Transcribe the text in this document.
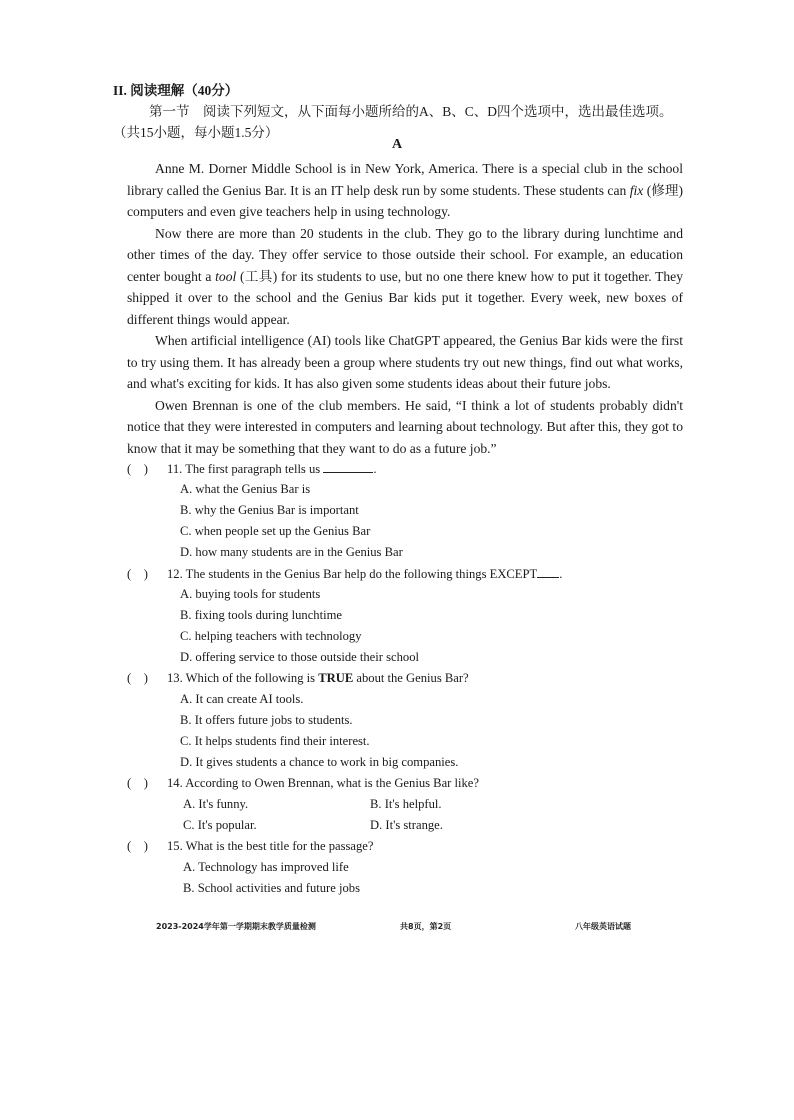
II. 阅读理解（40分）
第一节　阅读下列短文，从下面每小题所给的A、B、C、D四个选项中，选出最佳选项。
（共15小题，每小题1.5分）
A

Anne M. Dorner Middle School is in New York, America. There is a special club in the school library called the Genius Bar. It is an IT help desk run by some students. These students can fix (修理) computers and even give teachers help in using technology.

Now there are more than 20 students in the club. They go to the library during lunchtime and other times of the day. They offer service to those outside their school. For example, an education center bought a tool (工具) for its students to use, but no one there knew how to put it together. They shipped it over to the school and the Genius Bar kids put it together. Every week, new boxes of different things would appear.

When artificial intelligence (AI) tools like ChatGPT appeared, the Genius Bar kids were the first to try using them. It has already been a group where students try out new things, find out what works, and what's exciting for kids. It has also given some students ideas about their future jobs.

Owen Brennan is one of the club members. He said, “I think a lot of students probably didn't notice that they were interested in computers and learning about technology. But after this, they got to know that it may be something that they want to do as a future job.”

(　) 11. The first paragraph tells us	.
A. what the Genius Bar is
B. why the Genius Bar is important
C. when people set up the Genius Bar
D. how many students are in the Genius Bar
(　) 12. The students in the Genius Bar help do the following things EXCEPT .
A. buying tools for students
B. fixing tools during lunchtime
C. helping teachers with technology
D. offering service to those outside their school
(　) 13. Which of the following is TRUE about the Genius Bar?
A. It can create AI tools.
B. It offers future jobs to students.
C. It helps students find their interest.
D. It gives students a chance to work in big companies.
(　) 14. According to Owen Brennan, what is the Genius Bar like?
A. It's funny.	B. It's helpful.
C. It's popular.	D. It's strange.
(　) 15. What is the best title for the passage?
A. Technology has improved life
B. School activities and future jobs
2023-2024学年第一学期期末教学质量检测	共8页，第2页	八年级英语试题
